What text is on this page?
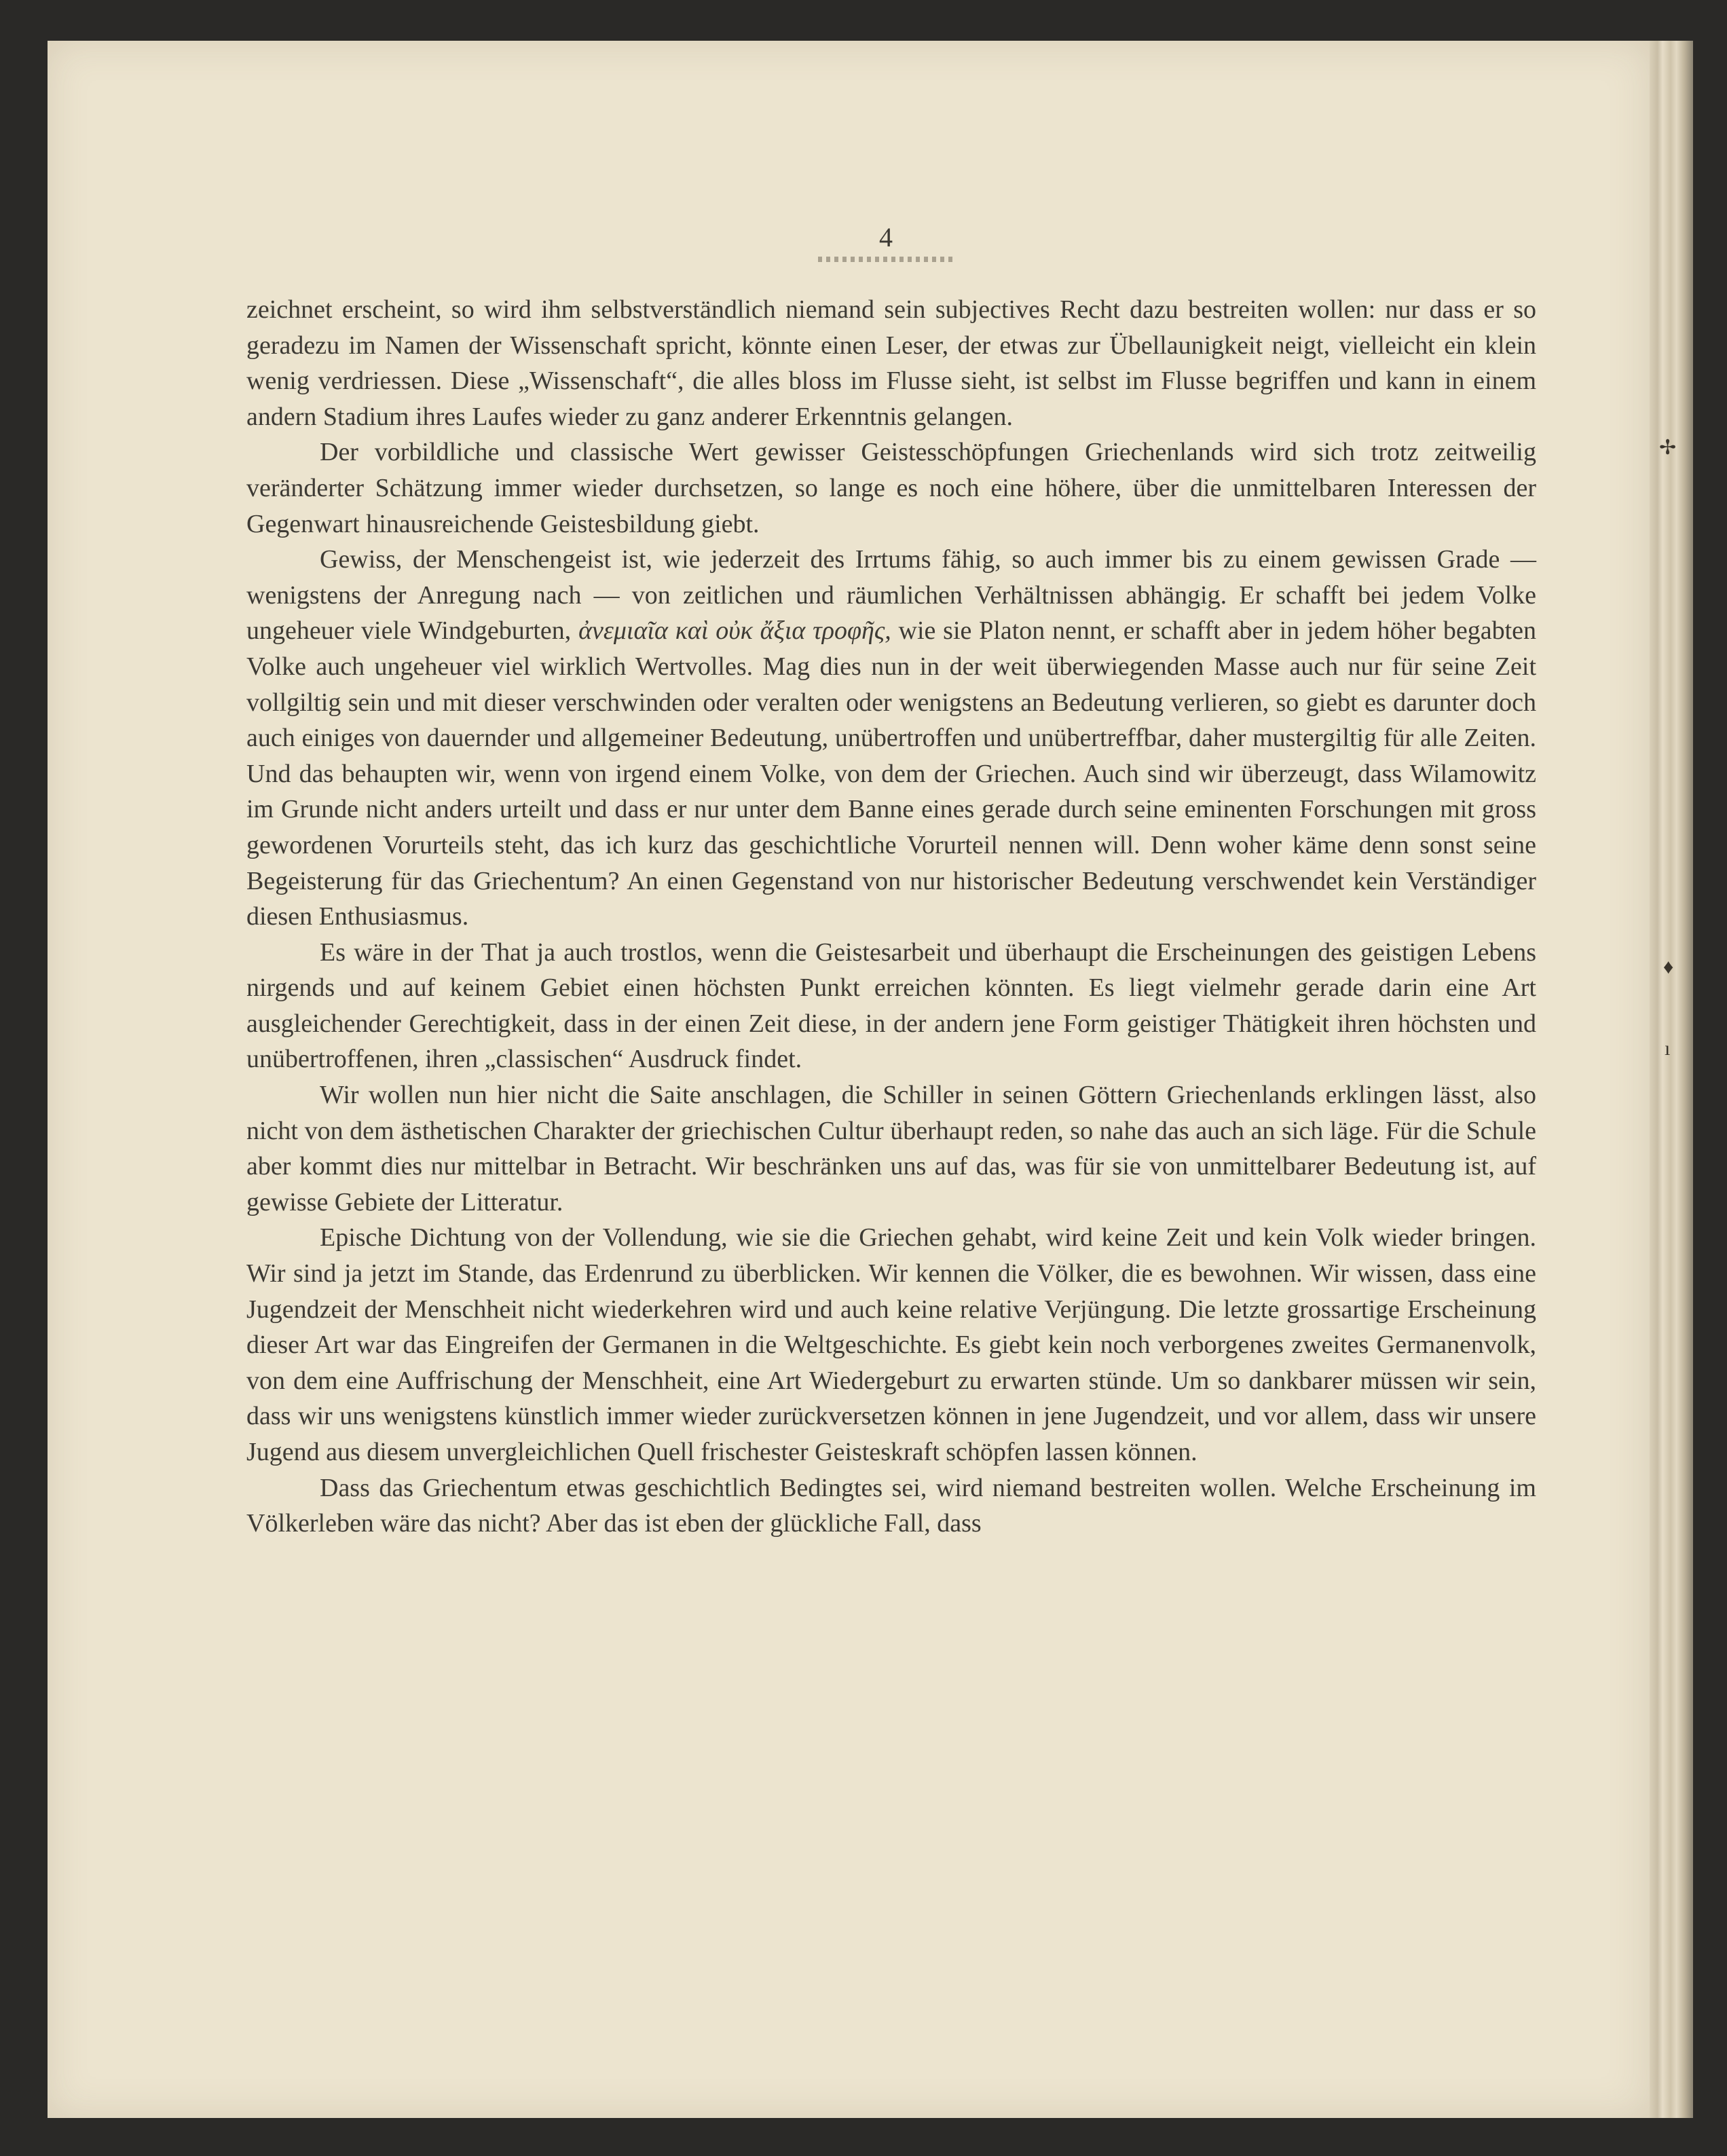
✢
♦
ı
4

zeichnet erscheint, so wird ihm selbstverständlich niemand sein subjectives Recht dazu bestreiten wollen: nur dass er so geradezu im Namen der Wissenschaft spricht, könnte einen Leser, der etwas zur Übellaunigkeit neigt, vielleicht ein klein wenig verdriessen. Diese „Wissenschaft“, die alles bloss im Flusse sieht, ist selbst im Flusse begriffen und kann in einem andern Stadium ihres Laufes wieder zu ganz anderer Erkenntnis gelangen.

Der vorbildliche und classische Wert gewisser Geistesschöpfungen Griechenlands wird sich trotz zeitweilig veränderter Schätzung immer wieder durchsetzen, so lange es noch eine höhere, über die unmittelbaren Interessen der Gegenwart hinausreichende Geistesbildung giebt.

Gewiss, der Menschengeist ist, wie jederzeit des Irrtums fähig, so auch immer bis zu einem gewissen Grade — wenigstens der Anregung nach — von zeitlichen und räumlichen Verhältnissen abhängig. Er schafft bei jedem Volke ungeheuer viele Windgeburten, ἀνεμιαῖα καὶ οὐκ ἄξια τροφῆς, wie sie Platon nennt, er schafft aber in jedem höher begabten Volke auch ungeheuer viel wirklich Wertvolles. Mag dies nun in der weit überwiegenden Masse auch nur für seine Zeit vollgiltig sein und mit dieser verschwinden oder veralten oder wenigstens an Bedeutung verlieren, so giebt es darunter doch auch einiges von dauernder und allgemeiner Bedeutung, unübertroffen und unübertreffbar, daher mustergiltig für alle Zeiten. Und das behaupten wir, wenn von irgend einem Volke, von dem der Griechen. Auch sind wir überzeugt, dass Wilamowitz im Grunde nicht anders urteilt und dass er nur unter dem Banne eines gerade durch seine eminenten Forschungen mit gross gewordenen Vorurteils steht, das ich kurz das geschichtliche Vorurteil nennen will. Denn woher käme denn sonst seine Begeisterung für das Griechentum? An einen Gegenstand von nur historischer Bedeutung verschwendet kein Verständiger diesen Enthusiasmus.

Es wäre in der That ja auch trostlos, wenn die Geistesarbeit und überhaupt die Erscheinungen des geistigen Lebens nirgends und auf keinem Gebiet einen höchsten Punkt erreichen könnten. Es liegt vielmehr gerade darin eine Art ausgleichender Gerechtigkeit, dass in der einen Zeit diese, in der andern jene Form geistiger Thätigkeit ihren höchsten und unübertroffenen, ihren „classischen“ Ausdruck findet.

Wir wollen nun hier nicht die Saite anschlagen, die Schiller in seinen Göttern Griechenlands erklingen lässt, also nicht von dem ästhetischen Charakter der griechischen Cultur überhaupt reden, so nahe das auch an sich läge. Für die Schule aber kommt dies nur mittelbar in Betracht. Wir beschränken uns auf das, was für sie von unmittelbarer Bedeutung ist, auf gewisse Gebiete der Litteratur.

Epische Dichtung von der Vollendung, wie sie die Griechen gehabt, wird keine Zeit und kein Volk wieder bringen. Wir sind ja jetzt im Stande, das Erdenrund zu überblicken. Wir kennen die Völker, die es bewohnen. Wir wissen, dass eine Jugendzeit der Menschheit nicht wiederkehren wird und auch keine relative Verjüngung. Die letzte grossartige Erscheinung dieser Art war das Eingreifen der Germanen in die Weltgeschichte. Es giebt kein noch verborgenes zweites Germanenvolk, von dem eine Auffrischung der Menschheit, eine Art Wiedergeburt zu erwarten stünde. Um so dankbarer müssen wir sein, dass wir uns wenigstens künstlich immer wieder zurückversetzen können in jene Jugendzeit, und vor allem, dass wir unsere Jugend aus diesem unvergleichlichen Quell frischester Geisteskraft schöpfen lassen können.

Dass das Griechentum etwas geschichtlich Bedingtes sei, wird niemand bestreiten wollen. Welche Erscheinung im Völkerleben wäre das nicht? Aber das ist eben der glückliche Fall, dass
